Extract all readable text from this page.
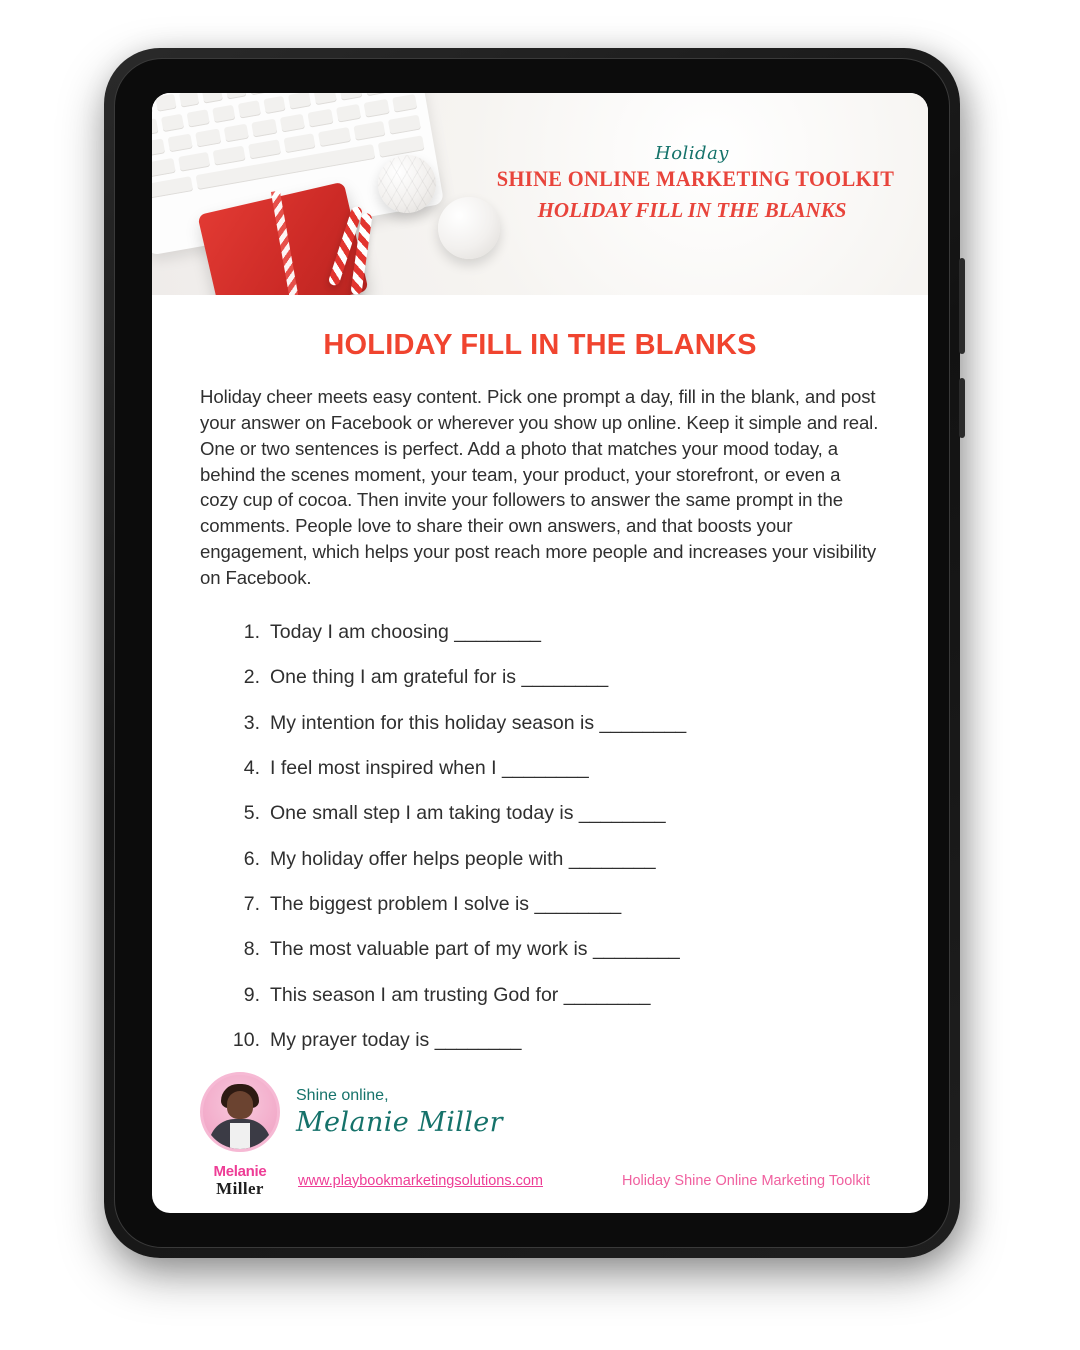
Holiday
SHINE ONLINE MARKETING TOOLKIT
HOLIDAY FILL IN THE BLANKS
HOLIDAY FILL IN THE BLANKS
Holiday cheer meets easy content. Pick one prompt a day, fill in the blank, and post your answer on Facebook or wherever you show up online. Keep it simple and real. One or two sentences is perfect. Add a photo that matches your mood today, a behind the scenes moment, your team, your product, your storefront, or even a cozy cup of cocoa. Then invite your followers to answer the same prompt in the comments. People love to share their own answers, and that boosts your engagement, which helps your post reach more people and increases your visibility on Facebook.
Today I am choosing ________
One thing I am grateful for is ________
My intention for this holiday season is ________
I feel most inspired when I ________
One small step I am taking today is ________
My holiday offer helps people with ________
The biggest problem I solve is ________
The most valuable part of my work is ________
This season I am trusting God for ________
My prayer today is ________
Shine online,
Melanie Miller
Melanie
Miller	www.playbookmarketingsolutions.com	Holiday Shine Online Marketing Toolkit
